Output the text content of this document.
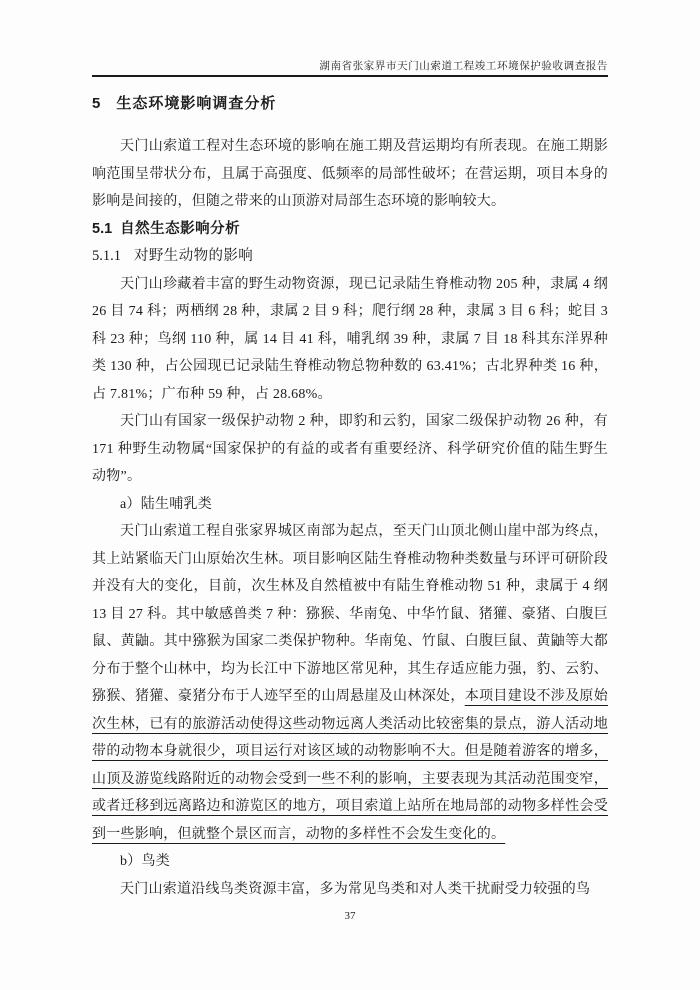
湖南省张家界市天门山索道工程竣工环境保护验收调查报告
5 生态环境影响调查分析

天门山索道工程对生态环境的影响在施工期及营运期均有所表现。在施工期影响范围呈带状分布，且属于高强度、低频率的局部性破坏；在营运期，项目本身的影响是间接的，但随之带来的山顶游对局部生态环境的影响较大。

5.1 自然生态影响分析
5.1.1 对野生动物的影响

天门山珍藏着丰富的野生动物资源，现已记录陆生脊椎动物 205 种，隶属 4 纲 26 目 74 科；两栖纲 28 种，隶属 2 目 9 科；爬行纲 28 种，隶属 3 目 6 科；蛇目 3 科 23 种；鸟纲 110 种，属 14 目 41 科，哺乳纲 39 种，隶属 7 目 18 科其东洋界种类 130 种，占公园现已记录陆生脊椎动物总物种数的 63.41%；古北界种类 16 种，占 7.81%；广布种 59 种，占 28.68%。

天门山有国家一级保护动物 2 种，即豹和云豹，国家二级保护动物 26 种，有 171 种野生动物属“国家保护的有益的或者有重要经济、科学研究价值的陆生野生动物”。

a）陆生哺乳类

天门山索道工程自张家界城区南部为起点，至天门山顶北侧山崖中部为终点，其上站紧临天门山原始次生林。项目影响区陆生脊椎动物种类数量与环评可研阶段并没有大的变化，目前，次生林及自然植被中有陆生脊椎动物 51 种，隶属于 4 纲 13 目 27 科。其中敏感兽类 7 种：猕猴、华南兔、中华竹鼠、猪獾、豪猪、白腹巨鼠、黄鼬。其中猕猴为国家二类保护物种。华南兔、竹鼠、白腹巨鼠、黄鼬等大都分布于整个山林中，均为长江中下游地区常见种，其生存适应能力强，豹、云豹、猕猴、猪獾、豪猪分布于人迹罕至的山周悬崖及山林深处，本项目建设不涉及原始次生林，已有的旅游活动使得这些动物远离人类活动比较密集的景点，游人活动地带的动物本身就很少，项目运行对该区域的动物影响不大。但是随着游客的增多，山顶及游览线路附近的动物会受到一些不利的影响，主要表现为其活动范围变窄，或者迁移到远离路边和游览区的地方，项目索道上站所在地局部的动物多样性会受到一些影响，但就整个景区而言，动物的多样性不会发生变化的。

b）鸟类

天门山索道沿线鸟类资源丰富，多为常见鸟类和对人类干扰耐受力较强的鸟

37
